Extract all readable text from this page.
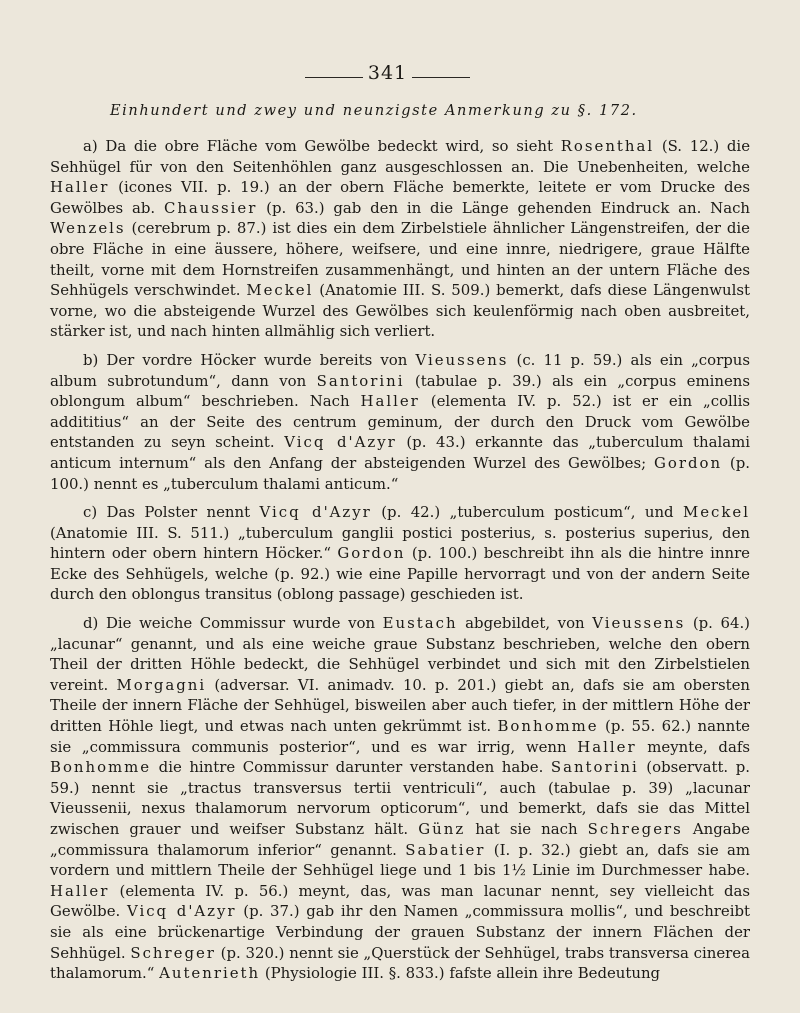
341
Einhundert und zwey und neunzigste Anmerkung zu §. 172.

a) Da die obre Fläche vom Gewölbe bedeckt wird, so sieht Rosenthal (S. 12.) die Sehhügel für von den Seitenhöhlen ganz ausgeschlossen an. Die Unebenheiten, welche Haller (icones VII. p. 19.) an der obern Fläche bemerkte, leitete er vom Drucke des Gewölbes ab. Chaussier (p. 63.) gab den in die Länge gehenden Eindruck an. Nach Wenzels (cerebrum p. 87.) ist dies ein dem Zirbelstiele ähnlicher Längenstreifen, der die obre Fläche in eine äussere, höhere, weifsere, und eine innre, niedrigere, graue Hälfte theilt, vorne mit dem Hornstreifen zusammenhängt, und hinten an der untern Fläche des Sehhügels verschwindet. Meckel (Anatomie III. S. 509.) bemerkt, dafs diese Längenwulst vorne, wo die absteigende Wurzel des Gewölbes sich keulenförmig nach oben ausbreitet, stärker ist, und nach hinten allmählig sich verliert.

b) Der vordre Höcker wurde bereits von Vieussens (c. 11 p. 59.) als ein „corpus album subrotundum“, dann von Santorini (tabulae p. 39.) als ein „corpus eminens oblongum album“ beschrieben. Nach Haller (elementa IV. p. 52.) ist er ein „collis addititius“ an der Seite des centrum geminum, der durch den Druck vom Gewölbe entstanden zu seyn scheint. Vicq d'Azyr (p. 43.) erkannte das „tuberculum thalami anticum internum“ als den Anfang der absteigenden Wurzel des Gewölbes; Gordon (p. 100.) nennt es „tuberculum thalami anticum.“

c) Das Polster nennt Vicq d'Azyr (p. 42.) „tuberculum posticum“, und Meckel (Anatomie III. S. 511.) „tuberculum ganglii postici posterius, s. posterius superius, den hintern oder obern hintern Höcker.“ Gordon (p. 100.) beschreibt ihn als die hintre innre Ecke des Sehhügels, welche (p. 92.) wie eine Papille hervorragt und von der andern Seite durch den oblongus transitus (oblong passage) geschieden ist.

d) Die weiche Commissur wurde von Eustach abgebildet, von Vieussens (p. 64.) „lacunar“ genannt, und als eine weiche graue Substanz beschrieben, welche den obern Theil der dritten Höhle bedeckt, die Sehhügel verbindet und sich mit den Zirbelstielen vereint. Morgagni (adversar. VI. animadv. 10. p. 201.) giebt an, dafs sie am obersten Theile der innern Fläche der Sehhügel, bisweilen aber auch tiefer, in der mittlern Höhe der dritten Höhle liegt, und etwas nach unten gekrümmt ist. Bonhomme (p. 55. 62.) nannte sie „commissura communis posterior“, und es war irrig, wenn Haller meynte, dafs Bonhomme die hintre Commissur darunter verstanden habe. Santorini (observatt. p. 59.) nennt sie „tractus transversus tertii ventriculi“, auch (tabulae p. 39) „lacunar Vieussenii, nexus thalamorum nervorum opticorum“, und bemerkt, dafs sie das Mittel zwischen grauer und weifser Substanz hält. Günz hat sie nach Schregers Angabe „commissura thalamorum inferior“ genannt. Sabatier (I. p. 32.) giebt an, dafs sie am vordern und mittlern Theile der Sehhügel liege und 1 bis 1½ Linie im Durchmesser habe. Haller (elementa IV. p. 56.) meynt, das, was man lacunar nennt, sey vielleicht das Gewölbe. Vicq d'Azyr (p. 37.) gab ihr den Namen „commissura mollis“, und beschreibt sie als eine brückenartige Verbindung der grauen Substanz der innern Flächen der Sehhügel. Schreger (p. 320.) nennt sie „Querstück der Sehhügel, trabs transversa cinerea thalamorum.“ Autenrieth (Physiologie III. §. 833.) fafste allein ihre Bedeutung
